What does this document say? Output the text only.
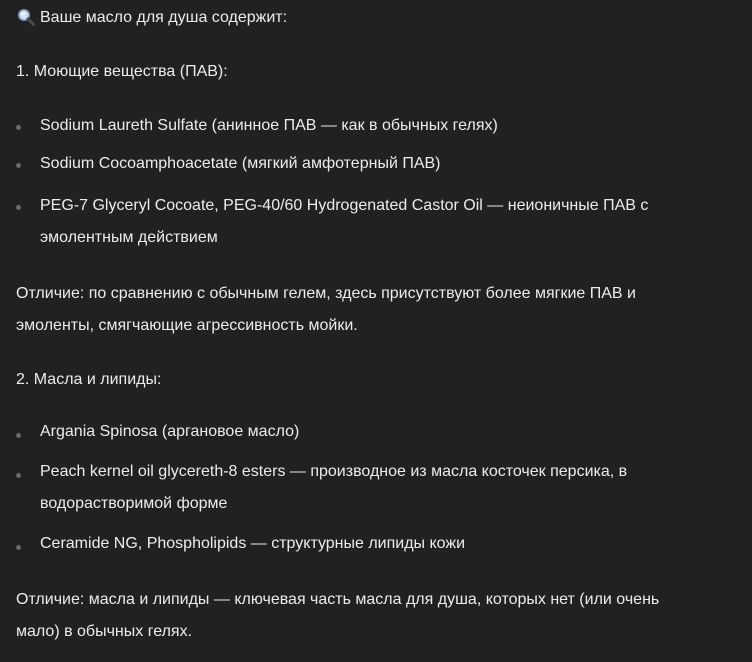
Ваше масло для душа содержит:
1. Моющие вещества (ПАВ):
Sodium Laureth Sulfate (анинное ПАВ — как в обычных гелях)
Sodium Cocoamphoacetate (мягкий амфотерный ПАВ)
PEG-7 Glyceryl Cocoate, PEG-40/60 Hydrogenated Castor Oil — неионичные ПАВ с
эмолентным действием
Отличие: по сравнению с обычным гелем, здесь присутствуют более мягкие ПАВ и
эмоленты, смягчающие агрессивность мойки.
2. Масла и липиды:
Argania Spinosa (аргановое масло)
Peach kernel oil glycereth-8 esters — производное из масла косточек персика, в
водорастворимой форме
Ceramide NG, Phospholipids — структурные липиды кожи
Отличие: масла и липиды — ключевая часть масла для душа, которых нет (или очень
мало) в обычных гелях.
